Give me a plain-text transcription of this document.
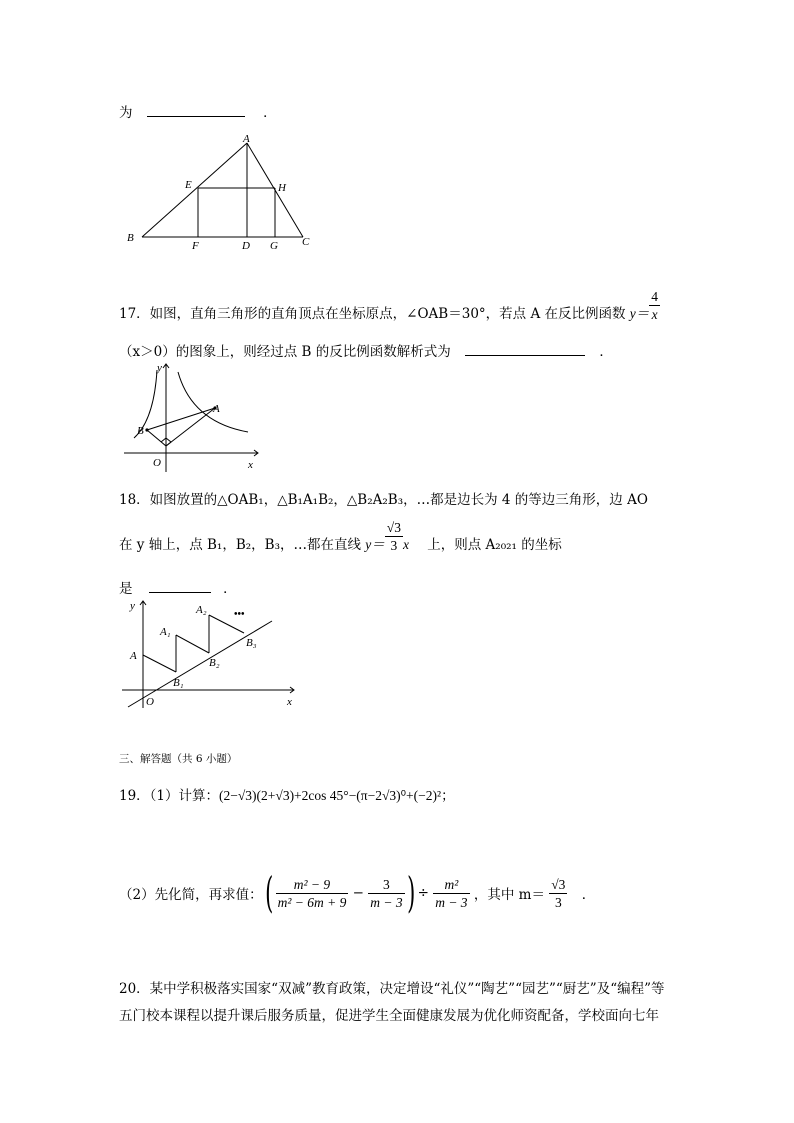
为	．
A
E	H
B
F	D G C
17．如图，直角三角形的直角顶点在坐标原点，∠OAB＝30°，若点 A 在反比例函数 $y= \frac{4}{x}$
（x＞0）的图象上，则经过点 B 的反比例函数解析式为	．
y
A
B
O	x
18．如图放置的△OAB₁，△B₁A₁B₂，△B₂A₂B₃，…都是边长为 4 的等边三角形，边 AO
在 y 轴上，点 B₁，B₂，B₃，…都在直线 $y= \frac{√3}{3}$ x 上，则点 A₂₀₂₁ 的坐标
是	．
y
A
A₁
A₂
B₁
B₂
B₃
O	x
•••
三、解答题（共 6 小题）
19．（1）计算：(2−√3)(2+√3)+2cos 45°−(π−2√3)⁰+(−2)²；
（2）先化简，再求值： ( $\frac{\text{m² − 9}}{\text{m² − 6m + 9}} - \frac{3}{m - 3}$ ) ÷ $\frac{\text{m²}}{m - 3}$ ，其中 $m= \frac{√3}{3}$ ．
20．某中学积极落实国家“双减”教育政策，决定增设“礼仪”“陶艺”“园艺”“厨艺”及“编程”等
五门校本课程以提升课后服务质量，促进学生全面健康发展为优化师资配备，学校面向七年
